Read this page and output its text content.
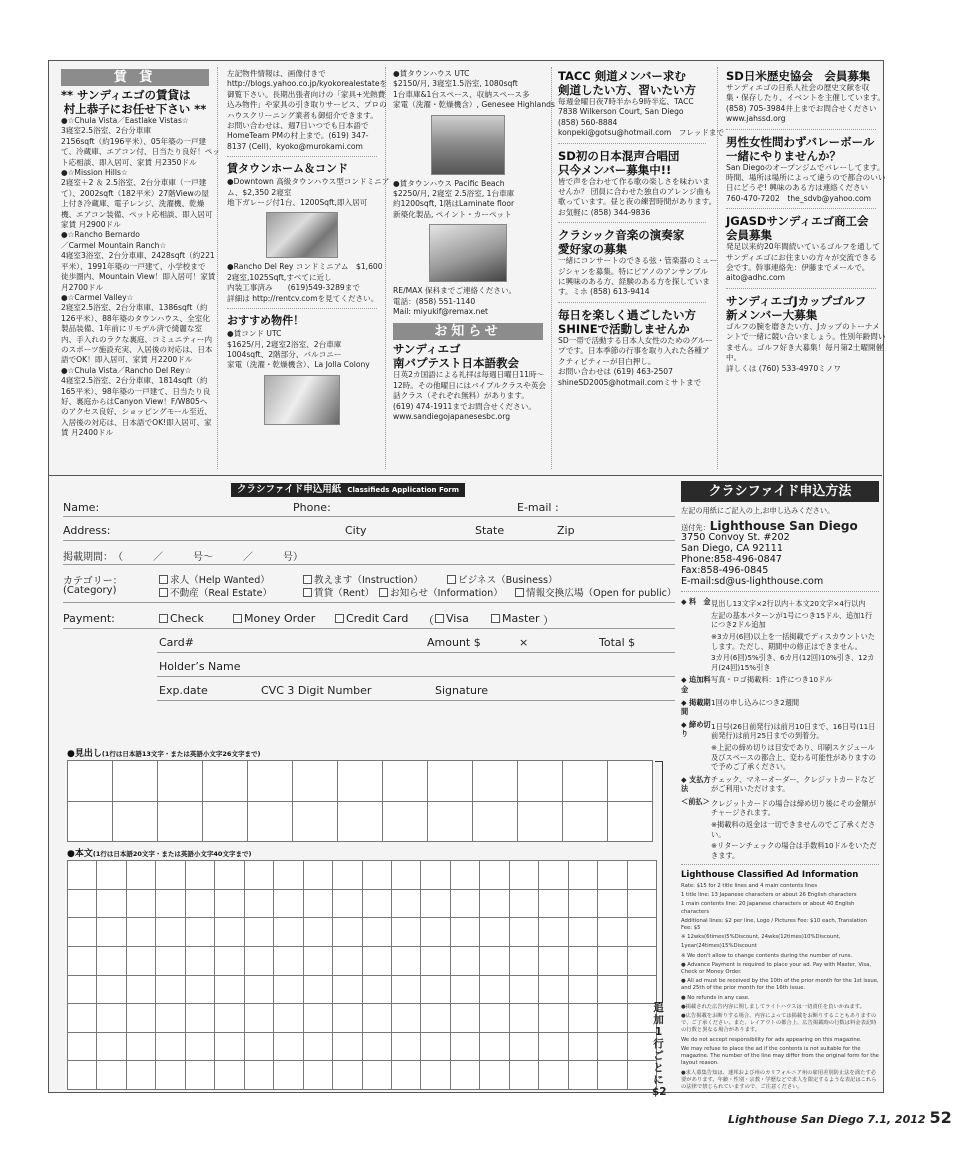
賃 貸
** サンディエゴの賃貸は
村上恭子にお任せ下さい **
●☆Chula Vista／Eastlake Vistas☆
3寝室2.5浴室、2台分車庫
2156sqft（約196平米）、05年築の一戸建
て、冷蔵庫、エアコン付、日当たり良好！ペッ
ト応相談、即入居可、家賃 月2350ドル
●☆Mission Hills☆
2寝室＋2 ＆ 2.5浴室、2台分車庫（一戸建
て）、2002sqft（182平米）27階Viewの屋
上付き冷蔵庫、電子レンジ、洗濯機、乾燥
機、エアコン装備、ペット応相談、即入居可
家賃 月2900ドル
●☆Rancho Bernardo
／Carmel Mountain Ranch☆
4寝室3浴室、2台分車庫、2428sqft（約221
平米）、1991年築の一戸建て、小学校まで
徒歩圏内、Mountain View！即入居可！家賃
月2700ドル
●☆Carmel Valley☆
2寝室2.5浴室、2台分車庫、1386sqft（約
126平米）、88年築のタウンハウス、全室化
製品装備、1年前にリモデル済で綺麗な室
内、手入れのラクな裏庭、コミュニティー内
のスポーツ施設充実、入居後の対応は、日本
語でOK！即入居可、家賃 月2200ドル
●☆Chula Vista／Rancho Del Rey☆
4寝室2.5浴室、2台分車庫、1814sqft（約
165平米）、98年築の一戸建て、日当たり良
好、裏庭からはCanyon View！F/W805へ
のアクセス良好、ショッピングモール至近、
入居後の対応は、日本語でOK!即入居可、家
賃 月2400ドル
左記物件情報は、画像付きで
http://blogs.yahoo.co.jp/kyokorealestateを
御覧下さい。長期出張者向けの「家具+光熱費
込み物件」や家具の引き取りサービス、プロの
ハウスクリーニング業者も御紹介できます。
お問い合わせは、週7日いつでも日本語で
HomeTeam PMの村上まで。(619) 347-
8137 (Cell)、kyoko@murokami.com
賃タウンホーム＆コンド
●Downtown 高級タウンハウス型コンドミニア
ム、$2,350 2寝室
地下ガレージ付1台、1200Sqft,即入居可
●Rancho Del Rey コンドミニアム　$1,600
2寝室,1025Sqft,すべてに近し
内装工事済み　　(619)549-3289まで
詳細は http://rentcv.comを見てください。
おすすめ物件！
●賃コンド UTC
$1625/月, 2寝室2浴室、2台車庫
1004sqft、2階部分、バルコニー
家電（洗濯・乾燥機含）、La Jolla Colony
●賃タウンハウス UTC
$2150/月, 3寝室1.5浴室, 1080sqft
1台車庫&1台スペース、収納スペース多
家電（洗濯・乾燥機含）, Genesee Highlands
●賃タウンハウス Pacific Beach
$2250/月, 2寝室 2.5浴室, 1台車庫
約1200sqft, 1階はLaminate floor
新築化製品, ペイント・カーペット
RE/MAX 保科までご連絡ください。
電話：(858) 551-1140
Mail: miyukif@remax.net
お知らせ
サンディエゴ
南バプテスト日本語教会
日英2カ国語による礼拝は毎週日曜日11時～
12時。その他曜日にはバイブルクラスや英会
話クラス（それぞれ無料）があります。
(619) 474-1911までお問合せください。
www.sandiegojapanesesbc.org
TACC 剣道メンバー求む
剣道したい方、習いたい方
毎週金曜日夜7時半から9時半迄、TACC
7838 Wilkerson Court, San Diego
(858) 560-8884
konpeki@gotsu@hotmail.com　フレッドまで
SD初の日本混声合唱団
只今メンバー募集中!!
皆で声を合わせて作る歌の楽しさを味わいま
せんか？ 団員に合わせた独自のアレンジ曲も
歌っています。昼と夜の練習時間があります。
お気軽に (858) 344-9836
クラシック音楽の演奏家
愛好家の募集
一緒にコンサートのできる弦・管楽器のミュー
ジシャンを募集。特にピアノのアンサンブル
に興味のある方、経験のある方を探していま
す。ミホ (858) 613-9414
毎日を楽しく過ごしたい方
SHINEで活動しませんか
SD一帯で活動する日本人女性のためのグルー
プです。日本季節の行事を取り入れた各種ア
クティビティーが目白押し。
お問い合わせは (619) 463-2507
shineSD2005@hotmail.comミサトまで
SD日米歴史協会　会員募集
サンディエゴの日系人社会の歴史文献を収
集・保存したり、イベントを主催しています。
(858) 705-3984井上までお問合せください
www.jahssd.org
男性女性問わずバレーボール
一緒にやりませんか？
San Diegoのオープンジムでバレーしてます。
時間、場所は場所によって違うので都合のいい
日にどうぞ! 興味のある方は連絡ください
760-470-7202　the_sdvb@yahoo.com
JGASDサンディエゴ商工会
会員募集
発足以来約20年間続いているゴルフを通して
サンディエゴにお住まいの方々が交流できる
会です。幹事連絡先：伊藤までメールで。
aito@adhc.com
サンディエゴJカップゴルフ
新メンバー大募集
ゴルフの腕を磨きたい方、Jカップのトーナメ
ントで一緒に競い合いましょう。性別年齢問い
ません。ゴルフ好き大募集！毎月第2土曜開催
中。
詳しくは (760) 533-4970ミノワ
クラシファイド申込用紙 Classifieds Application Form
Name:	Phone:	E-mail :
Address:	City	State	Zip
掲載期間：　（　　　／　　　号～　　　／　　　号）
カテゴリー：
(Category)
求人（Help Wanted）	教えます（Instruction）	ビジネス（Business）
不動産（Real Estate）	賃貸（Rent）	お知らせ（Information）	情報交換広場（Open for public）
Payment:	Check	Money Order	Credit Card （	Visa	Master ）
Card#	Amount $	×	Total $
Holder’s Name
Exp.date	CVC 3 Digit Number	Signature
●見出し(1行は日本語13文字・または英語小文字26文字まで)
●本文(1行は日本語20文字・または英語小文字40文字まで)
追加1行ごとに$2
クラシファイド申込方法
左記の用紙にご記入の上,お申し込みください。
送付先：Lighthouse San Diego
3750 Convoy St. #202
San Diego, CA 92111
Phone:858-496-0847
Fax:858-496-0845
E-mail:sd@us-lighthouse.com
◆ 料　金 見出し13文字×2行以内＋本文20文字×4行以内
左記の基本パターンが1号につき15ドル、追加1行につき2ドル追加
※3カ月(6回)以上を一括掲載でディスカウントいたします。ただし、期間中の修正はできません。
3カ月(6回)5%引き、6カ月(12回)10%引き、12カ月(24回)15%引き
◆ 追加料金
写真・ロゴ掲載料：1件につき10ドル
◆ 掲載期間
1回の申し込みにつき2週間
◆ 締め切り
1日号(26日前発行)は前月10日まで、16日号(11日前発行)は前月25日までの到着分。
※上記の締め切りは目安であり、印刷スケジュール及びスペースの都合上、変わる可能性がありますので予めご了承ください。
◆ 支払方法
チェック、マネーオーダー、クレジットカードなどがご利用いただけます。
＜前払＞ クレジットカードの場合は締め切り後にその金額がチャージされます。
※掲載料の返金は一切できませんのでご了承ください。
※リターンチェックの場合は手数料10ドルをいただきます。
Lighthouse Classified Ad Information
Rate: $15 for 2 title lines and 4 main contents lines
1 title line: 13 Japanese characters or about 26 English characters
1 main contents line: 20 Japanese characters or about 40 English characters
Additional lines: $2 per line, Logo / Pictures Fee: $10 each, Translation Fee: $5
※ 12wks(6times)5%Discount, 24wks(12times)10%Discount,
1year(24times)15%Discount
※ We don't allow to change contents during the number of runs.
● Advance Payment is required to place your ad. Pay with Master, Visa, Check or Money Order.
● All ad must be received by the 10th of the prior month for the 1st issue, and 25th of the prior month for the 16th issue.
● No refunds in any case.
●掲載された広告内容に関しましてライトハウスは一切責任を負いかねます。
●広告掲載をお断りする場合、内容によっては掲載をお断りすることもありますので、ご了承ください。また、レイアウトの都合上、広告掲載時の行数は料金表記時の行数と異なる場合があります。
We do not accept responsibility for ads appearing on this magazine.
We may refuse to place the ad if the contents is not suitable for the magazine. The number of the line may differ from the original form for the layout reason.
●求人募集告知は、連邦および州のカリフォルニア州の雇用差別防止法を満たす必要があります。年齢・性別・宗教・学歴などで求人を限定するような表記はこれらの法律で禁じられていますので、ご注意ください。
Lighthouse San Diego 7.1, 2012 52
